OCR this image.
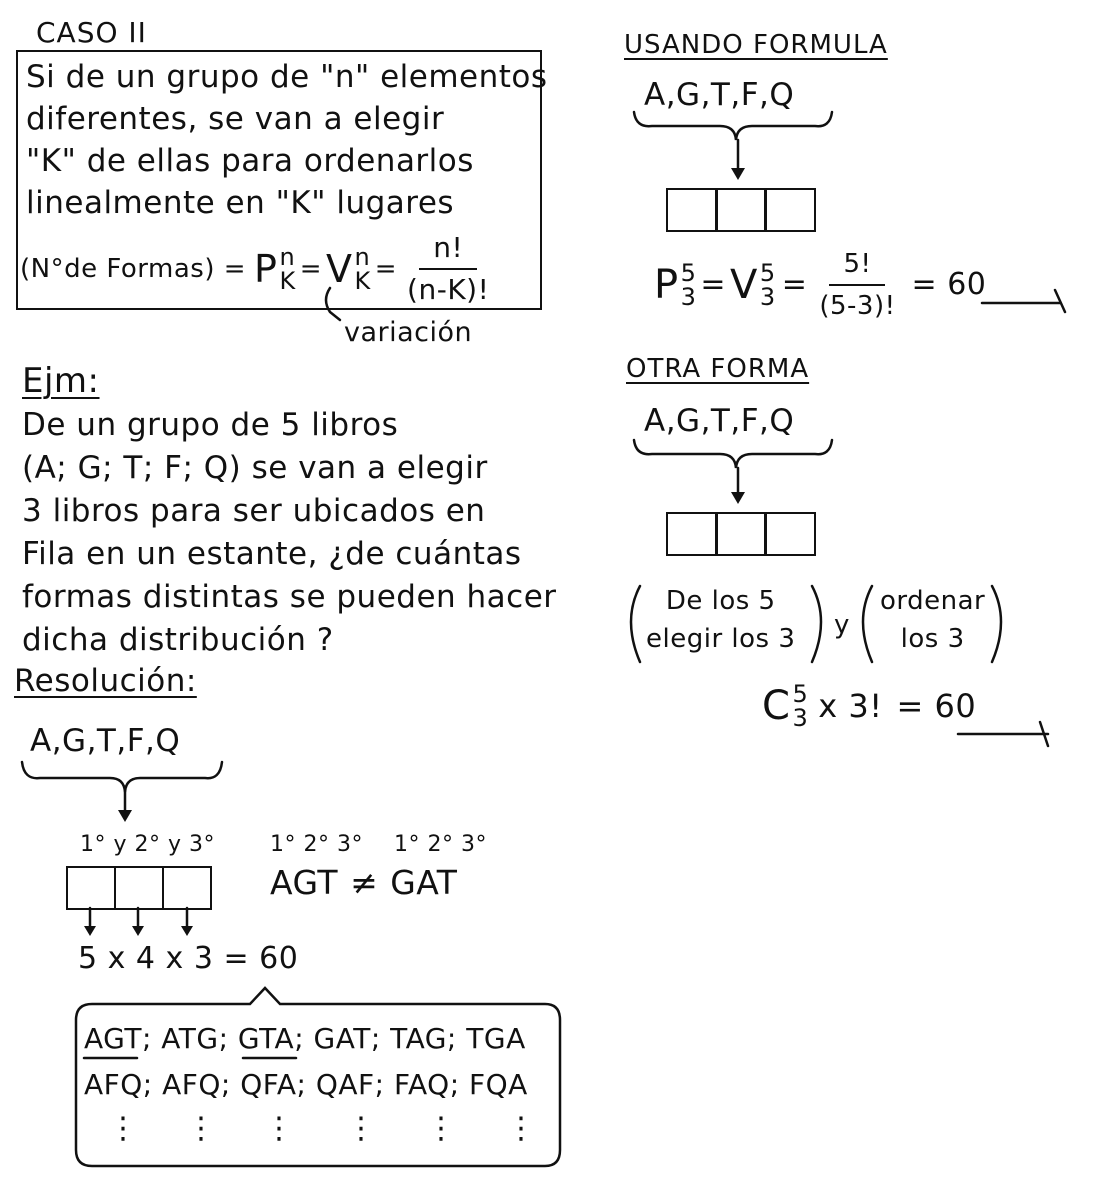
CASO II
Si de un grupo de "n" elementos
diferentes, se van a elegir
"K" de ellas para ordenarlos
linealmente en "K" lugares
(N°de Formas) = P n
K = V n
$K = \frac{n!}{(n-K)!}$
variación
Ejm:
De un grupo de 5 libros
(A; G; T; F; Q) se van a elegir
3 libros para ser ubicados en
Fila en un estante, ¿de cuántas
formas distintas se pueden hacer
dicha distribución ?
Resolución:
A,G,T,F,Q
1° y 2° y 3° 1° 2° 3° 1° 2° 3°
AGT ≠ GAT
5 x 4 x 3 = 60
AGT; ATG; GTA; GAT; TAG; TGA
AFQ; AFQ; QFA; QAF; FAQ; FQA
⋮ ⋮ ⋮ ⋮ ⋮ ⋮
USANDO FORMULA
A,G,T,F,Q
P 5
3 = V 5
$3 = \frac{5!}{(5-3)!} = 60$
OTRA FORMA
A,G,T,F,Q
De los 5
elegir los 3 y
ordenar
los 3
C 5
3 x 3! = 60
